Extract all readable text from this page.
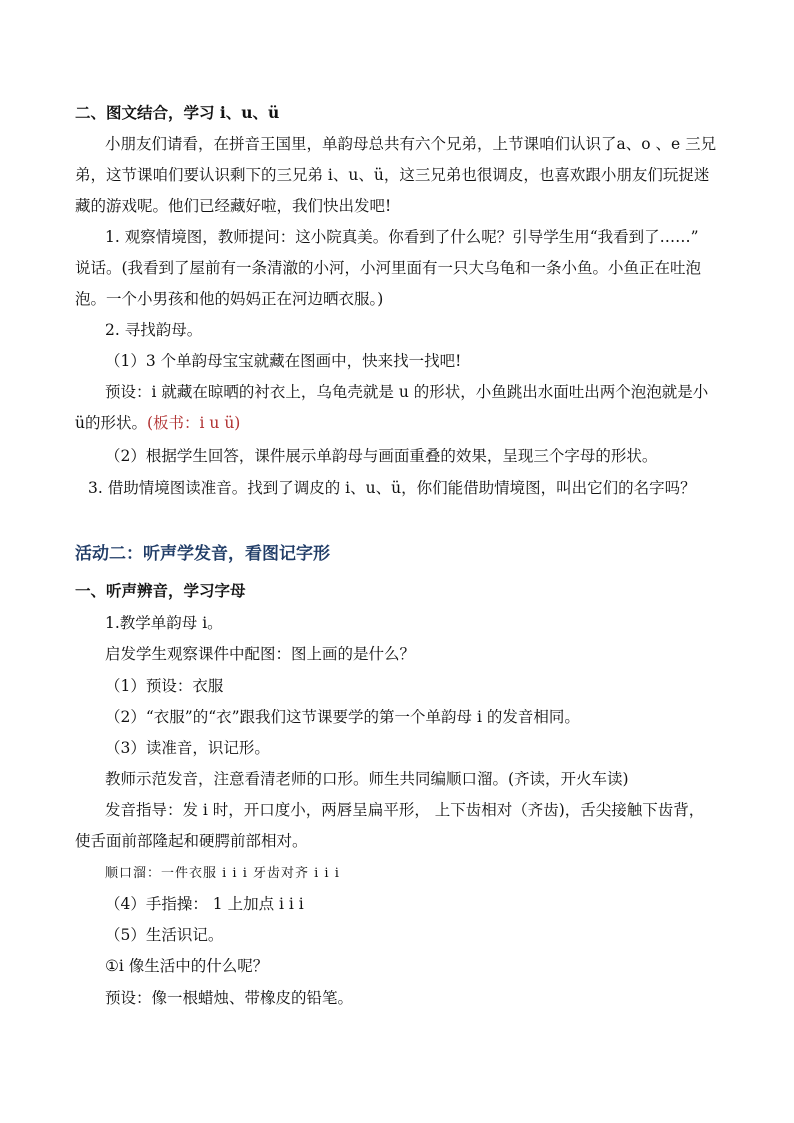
二、图文结合，学习 i、u、ü
小朋友们请看，在拼音王国里，单韵母总共有六个兄弟，上节课咱们认识了a、o 、e 三兄
弟，这节课咱们要认识剩下的三兄弟 i、u、ü，这三兄弟也很调皮，也喜欢跟小朋友们玩捉迷
藏的游戏呢。他们已经藏好啦，我们快出发吧!
1. 观察情境图，教师提问：这小院真美。你看到了什么呢？引导学生用“我看到了……”
说话。(我看到了屋前有一条清澈的小河，小河里面有一只大乌龟和一条小鱼。小鱼正在吐泡
泡。一个小男孩和他的妈妈正在河边晒衣服。)
2. 寻找韵母。
（1）3 个单韵母宝宝就藏在图画中，快来找一找吧!
预设：i 就藏在晾晒的衬衣上，乌龟壳就是 u 的形状，小鱼跳出水面吐出两个泡泡就是小
ü的形状。(板书：i u ü)
（2）根据学生回答，课件展示单韵母与画面重叠的效果，呈现三个字母的形状。
3. 借助情境图读准音。找到了调皮的 i、u、ü，你们能借助情境图，叫出它们的名字吗？
活动二：听声学发音，看图记字形
一、听声辨音，学习字母
1.教学单韵母 i。
启发学生观察课件中配图：图上画的是什么？
（1）预设：衣服
（2）“衣服”的“衣”跟我们这节课要学的第一个单韵母 i 的发音相同。
（3）读准音，识记形。
教师示范发音，注意看清老师的口形。师生共同编顺口溜。(齐读，开火车读)
发音指导：发 i 时，开口度小，两唇呈扁平形， 上下齿相对（齐齿)，舌尖接触下齿背，
使舌面前部隆起和硬腭前部相对。
顺口溜：一件衣服 i i i 牙齿对齐 i i i
（4）手指操： 1 上加点 i i i
（5）生活识记。
①i 像生活中的什么呢？
预设：像一根蜡烛、带橡皮的铅笔。
